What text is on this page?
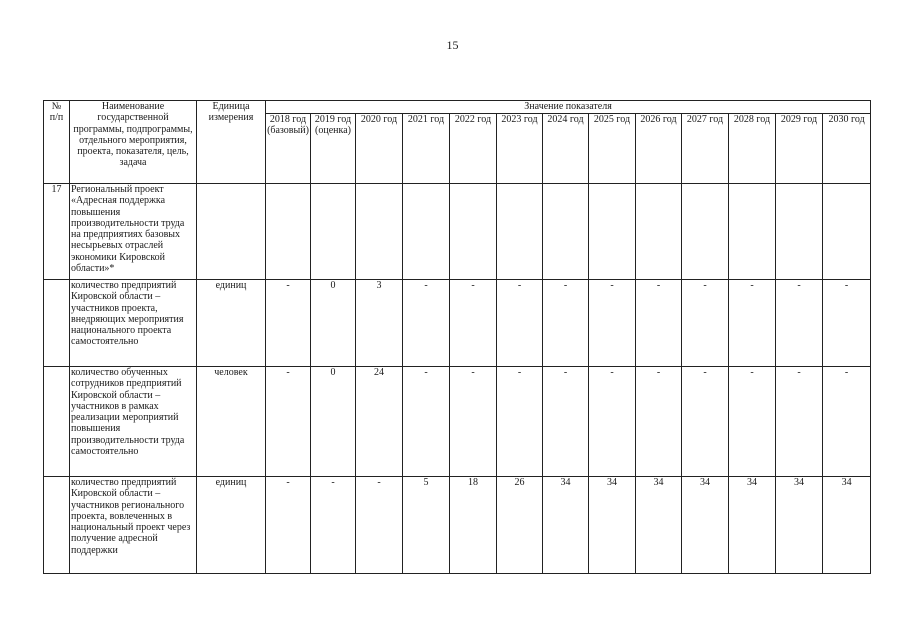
15
№
п/п	Наименование государственной программы, подпрограммы, отдельного мероприятия, проекта, показателя, цель, задача	Единица измерения	Значение показателя												
			2018 год (базовый)	2019 год (оценка)	2020 год	2021 год	2022 год	2023 год	2024 год	2025 год	2026 год	2027 год	2028 год	2029 год	2030 год
17	Региональный проект «Адресная поддержка повышения производительности труда на предприятиях базовых несырьевых отраслей экономики Кировской области»*														
	количество предприятий Кировской области – участников проекта, внедряющих мероприятия национального проекта самостоятельно	единиц	-	0	3	-	-	-	-	-	-	-	-	-	-
	количество обученных сотрудников предприятий Кировской области – участников в рамках реализации мероприятий повышения производительности труда самостоятельно	человек	-	0	24	-	-	-	-	-	-	-	-	-	-
	количество предприятий Кировской области – участников регионального проекта, вовлеченных в национальный проект через получение адресной поддержки	единиц	-	-	-	5	18	26	34	34	34	34	34	34	34
